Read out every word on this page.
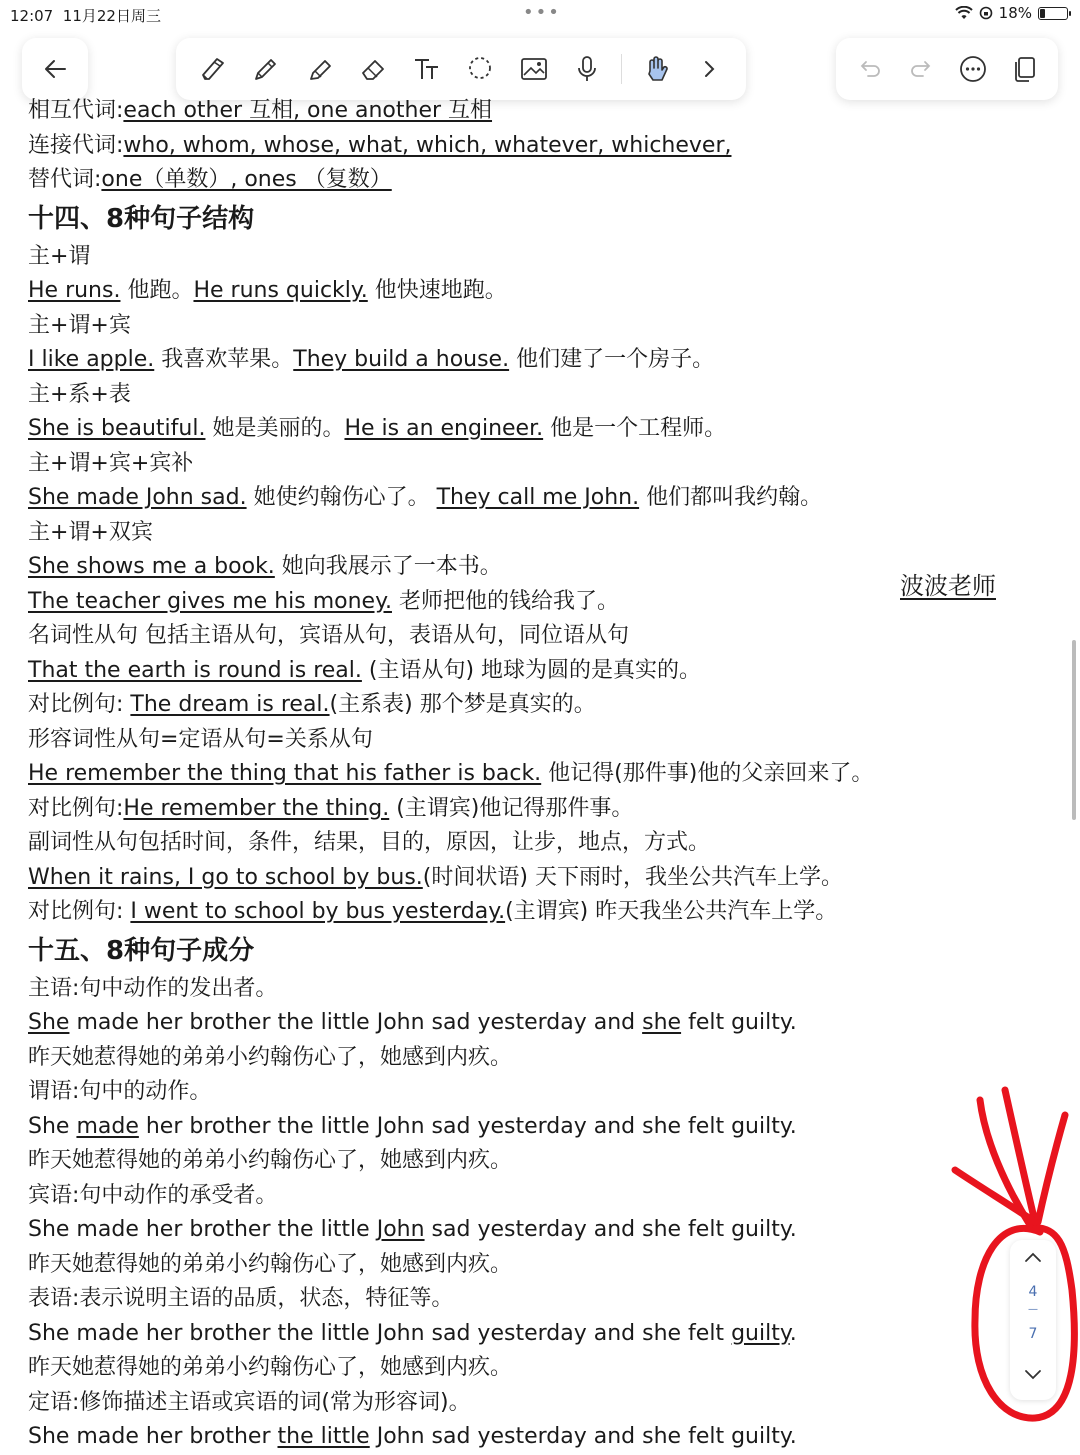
12:07 11月22日周三	•••	18%
相互代词:each other 互相, one another 互相
连接代词:who, whom, whose, what, which, whatever, whichever,
替代词:one（单数）, ones （复数）
十四、8种句子结构
主+谓
He runs. 他跑。He runs quickly. 他快速地跑。
主+谓+宾
I like apple. 我喜欢苹果。They build a house. 他们建了一个房子。
主+系+表
She is beautiful. 她是美丽的。He is an engineer. 他是一个工程师。
主+谓+宾+宾补
She made John sad. 她使约翰伤心了。 They call me John. 他们都叫我约翰。
主+谓+双宾
She shows me a book. 她向我展示了一本书。
The teacher gives me his money. 老师把他的钱给我了。
名词性从句 包括主语从句，宾语从句，表语从句，同位语从句
That the earth is round is real. (主语从句) 地球为圆的是真实的。
对比例句: The dream is real.(主系表) 那个梦是真实的。
形容词性从句=定语从句=关系从句
He remember the thing that his father is back. 他记得(那件事)他的父亲回来了。
对比例句:He remember the thing. (主谓宾)他记得那件事。
副词性从句包括时间，条件，结果，目的，原因，让步，地点，方式。
When it rains, I go to school by bus.(时间状语) 天下雨时，我坐公共汽车上学。
对比例句: I went to school by bus yesterday.(主谓宾) 昨天我坐公共汽车上学。
十五、8种句子成分
主语:句中动作的发出者。
She made her brother the little John sad yesterday and she felt guilty.
昨天她惹得她的弟弟小约翰伤心了，她感到内疚。
谓语:句中的动作。
She made her brother the little John sad yesterday and she felt guilty.
昨天她惹得她的弟弟小约翰伤心了，她感到内疚。
宾语:句中动作的承受者。
She made her brother the little John sad yesterday and she felt guilty.
昨天她惹得她的弟弟小约翰伤心了，她感到内疚。
表语:表示说明主语的品质，状态，特征等。
She made her brother the little John sad yesterday and she felt guilty.
昨天她惹得她的弟弟小约翰伤心了，她感到内疚。
定语:修饰描述主语或宾语的词(常为形容词)。
She made her brother the little John sad yesterday and she felt guilty.
波波老师
4
—
7
